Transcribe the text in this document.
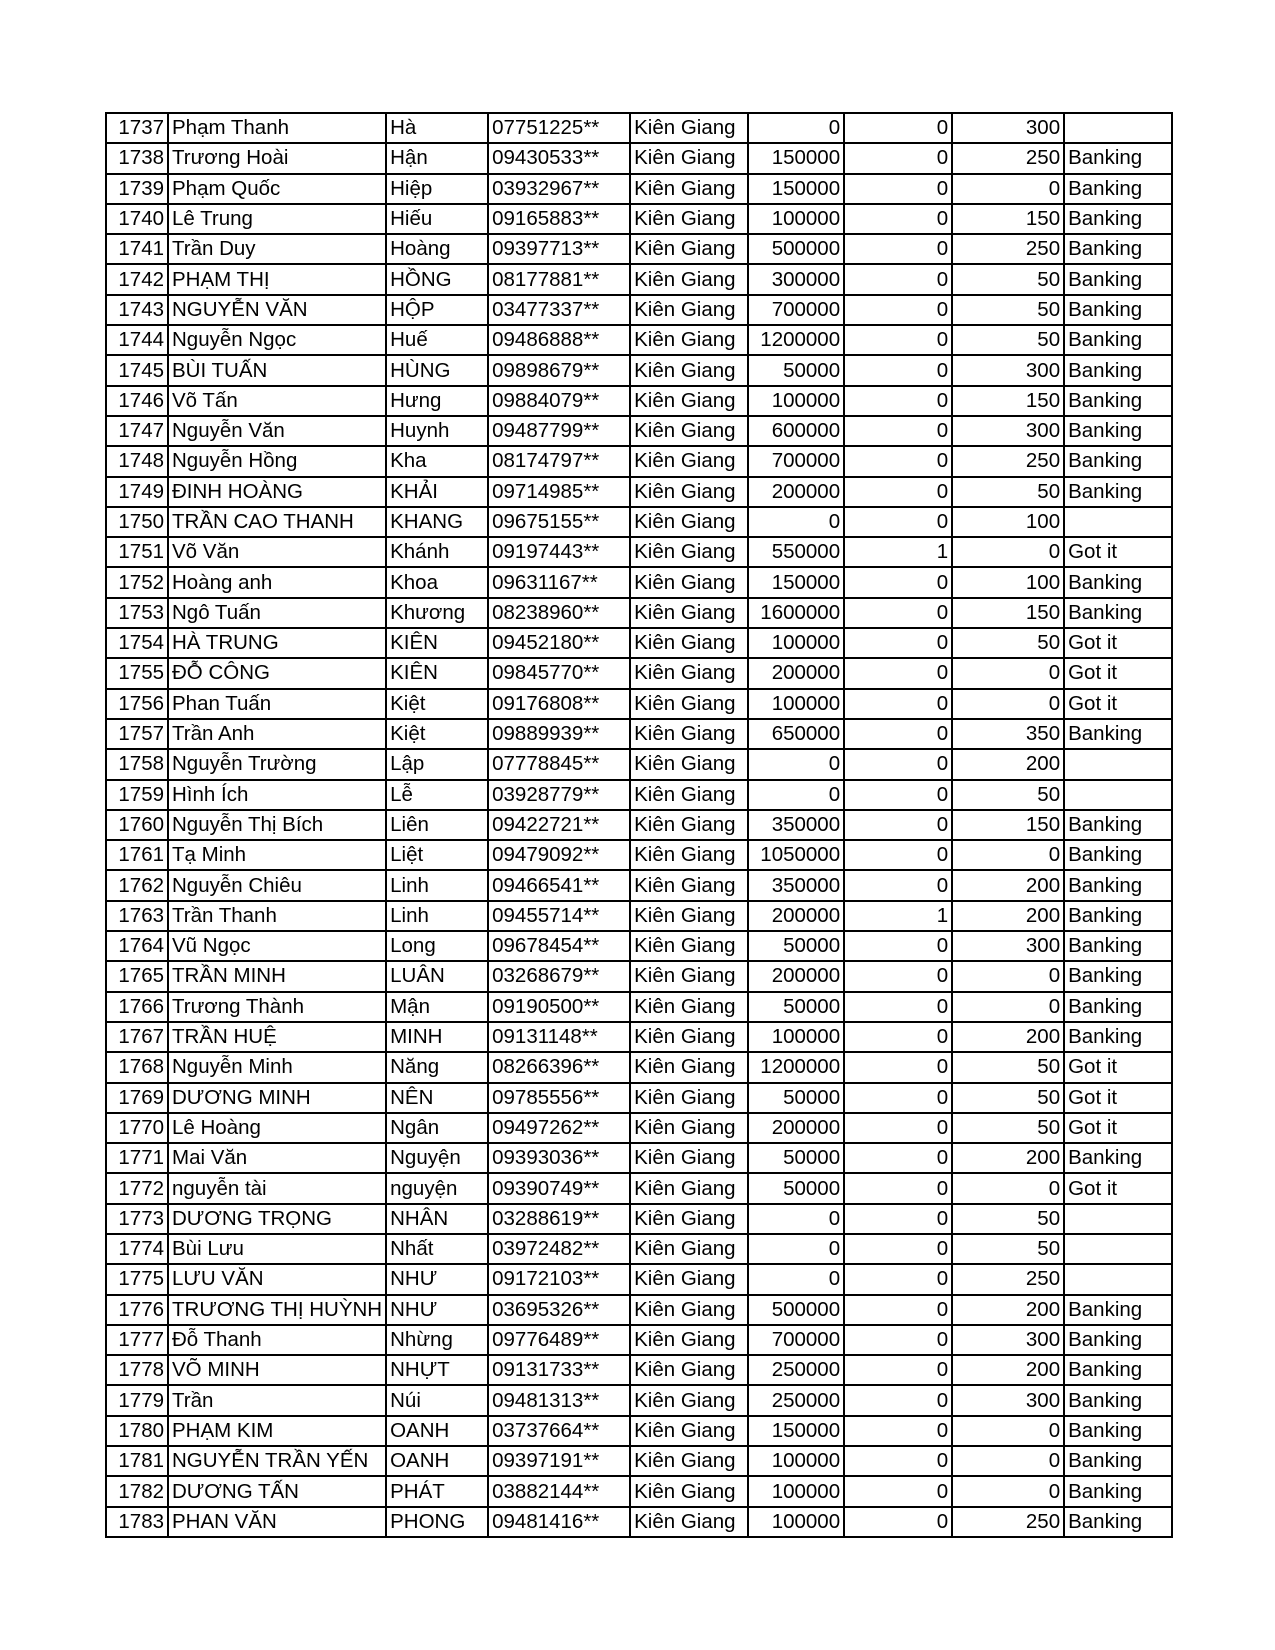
1737	Phạm Thanh	Hà	07751225**	Kiên Giang	0	0	300	
1738	Trương Hoài	Hận	09430533**	Kiên Giang	150000	0	250	Banking
1739	Phạm Quốc	Hiệp	03932967**	Kiên Giang	150000	0	0	Banking
1740	Lê Trung	Hiếu	09165883**	Kiên Giang	100000	0	150	Banking
1741	Trần Duy	Hoàng	09397713**	Kiên Giang	500000	0	250	Banking
1742	PHẠM THỊ	HỒNG	08177881**	Kiên Giang	300000	0	50	Banking
1743	NGUYỄN VĂN	HỘP	03477337**	Kiên Giang	700000	0	50	Banking
1744	Nguyễn Ngọc	Huế	09486888**	Kiên Giang	1200000	0	50	Banking
1745	BÙI TUẤN	HÙNG	09898679**	Kiên Giang	50000	0	300	Banking
1746	Võ Tấn	Hưng	09884079**	Kiên Giang	100000	0	150	Banking
1747	Nguyễn Văn	Huynh	09487799**	Kiên Giang	600000	0	300	Banking
1748	Nguyễn Hồng	Kha	08174797**	Kiên Giang	700000	0	250	Banking
1749	ĐINH HOÀNG	KHẢI	09714985**	Kiên Giang	200000	0	50	Banking
1750	TRẦN CAO THANH	KHANG	09675155**	Kiên Giang	0	0	100	
1751	Võ Văn	Khánh	09197443**	Kiên Giang	550000	1	0	Got it
1752	Hoàng anh	Khoa	09631167**	Kiên Giang	150000	0	100	Banking
1753	Ngô Tuấn	Khương	08238960**	Kiên Giang	1600000	0	150	Banking
1754	HÀ TRUNG	KIÊN	09452180**	Kiên Giang	100000	0	50	Got it
1755	ĐỖ CÔNG	KIÊN	09845770**	Kiên Giang	200000	0	0	Got it
1756	Phan Tuấn	Kiệt	09176808**	Kiên Giang	100000	0	0	Got it
1757	Trần Anh	Kiệt	09889939**	Kiên Giang	650000	0	350	Banking
1758	Nguyễn Trường	Lập	07778845**	Kiên Giang	0	0	200	
1759	Hình Ích	Lễ	03928779**	Kiên Giang	0	0	50	
1760	Nguyễn Thị Bích	Liên	09422721**	Kiên Giang	350000	0	150	Banking
1761	Tạ Minh	Liệt	09479092**	Kiên Giang	1050000	0	0	Banking
1762	Nguyễn Chiêu	Linh	09466541**	Kiên Giang	350000	0	200	Banking
1763	Trần Thanh	Linh	09455714**	Kiên Giang	200000	1	200	Banking
1764	Vũ Ngọc	Long	09678454**	Kiên Giang	50000	0	300	Banking
1765	TRẦN MINH	LUÂN	03268679**	Kiên Giang	200000	0	0	Banking
1766	Trương Thành	Mận	09190500**	Kiên Giang	50000	0	0	Banking
1767	TRẦN HUỆ	MINH	09131148**	Kiên Giang	100000	0	200	Banking
1768	Nguyễn Minh	Năng	08266396**	Kiên Giang	1200000	0	50	Got it
1769	DƯƠNG MINH	NÊN	09785556**	Kiên Giang	50000	0	50	Got it
1770	Lê Hoàng	Ngân	09497262**	Kiên Giang	200000	0	50	Got it
1771	Mai Văn	Nguyện	09393036**	Kiên Giang	50000	0	200	Banking
1772	nguyễn tài	nguyện	09390749**	Kiên Giang	50000	0	0	Got it
1773	DƯƠNG TRỌNG	NHÂN	03288619**	Kiên Giang	0	0	50	
1774	Bùi Lưu	Nhất	03972482**	Kiên Giang	0	0	50	
1775	LƯU VĂN	NHƯ	09172103**	Kiên Giang	0	0	250	
1776	TRƯƠNG THỊ HUỲNH	NHƯ	03695326**	Kiên Giang	500000	0	200	Banking
1777	Đỗ Thanh	Nhừng	09776489**	Kiên Giang	700000	0	300	Banking
1778	VÕ MINH	NHỰT	09131733**	Kiên Giang	250000	0	200	Banking
1779	Trần	Núi	09481313**	Kiên Giang	250000	0	300	Banking
1780	PHẠM KIM	OANH	03737664**	Kiên Giang	150000	0	0	Banking
1781	NGUYỄN TRẦN YẾN	OANH	09397191**	Kiên Giang	100000	0	0	Banking
1782	DƯƠNG TẤN	PHÁT	03882144**	Kiên Giang	100000	0	0	Banking
1783	PHAN VĂN	PHONG	09481416**	Kiên Giang	100000	0	250	Banking
